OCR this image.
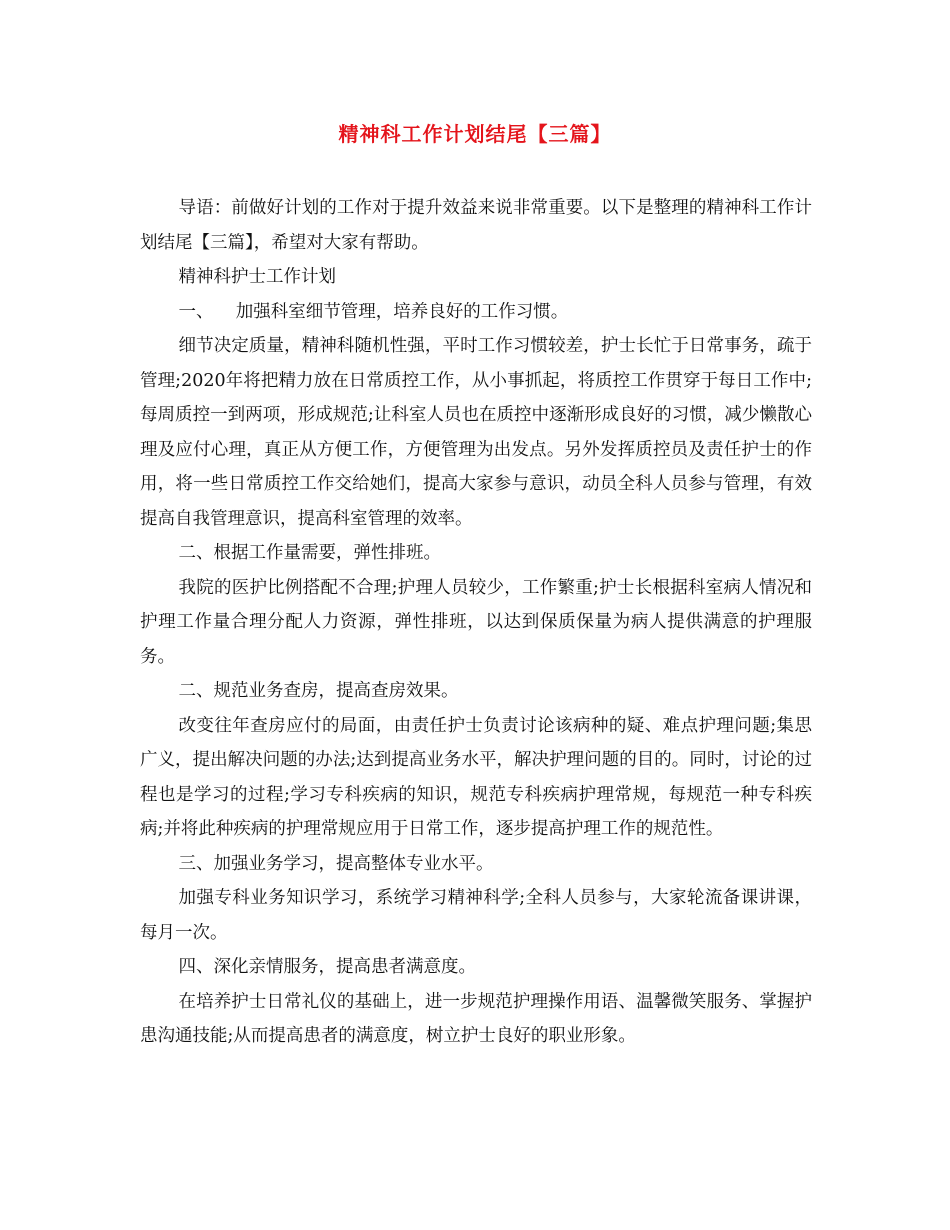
精神科工作计划结尾【三篇】

导语：前做好计划的工作对于提升效益来说非常重要。以下是整理的精神科工作计划结尾【三篇】，希望对大家有帮助。

精神科护士工作计划

一、    加强科室细节管理，培养良好的工作习惯。

细节决定质量，精神科随机性强，平时工作习惯较差，护士长忙于日常事务，疏于管理;2020年将把精力放在日常质控工作，从小事抓起，将质控工作贯穿于每日工作中;每周质控一到两项，形成规范;让科室人员也在质控中逐渐形成良好的习惯，减少懒散心理及应付心理，真正从方便工作，方便管理为出发点。另外发挥质控员及责任护士的作用，将一些日常质控工作交给她们，提高大家参与意识，动员全科人员参与管理，有效提高自我管理意识，提高科室管理的效率。

二、根据工作量需要，弹性排班。

我院的医护比例搭配不合理;护理人员较少，工作繁重;护士长根据科室病人情况和护理工作量合理分配人力资源，弹性排班，以达到保质保量为病人提供满意的护理服务。

二、规范业务查房，提高查房效果。

改变往年查房应付的局面，由责任护士负责讨论该病种的疑、难点护理问题;集思广义，提出解决问题的办法;达到提高业务水平，解决护理问题的目的。同时，讨论的过程也是学习的过程;学习专科疾病的知识，规范专科疾病护理常规，每规范一种专科疾病;并将此种疾病的护理常规应用于日常工作，逐步提高护理工作的规范性。

三、加强业务学习，提高整体专业水平。

加强专科业务知识学习，系统学习精神科学;全科人员参与，大家轮流备课讲课，每月一次。

四、深化亲情服务，提高患者满意度。

在培养护士日常礼仪的基础上，进一步规范护理操作用语、温馨微笑服务、掌握护患沟通技能;从而提高患者的满意度，树立护士良好的职业形象。
